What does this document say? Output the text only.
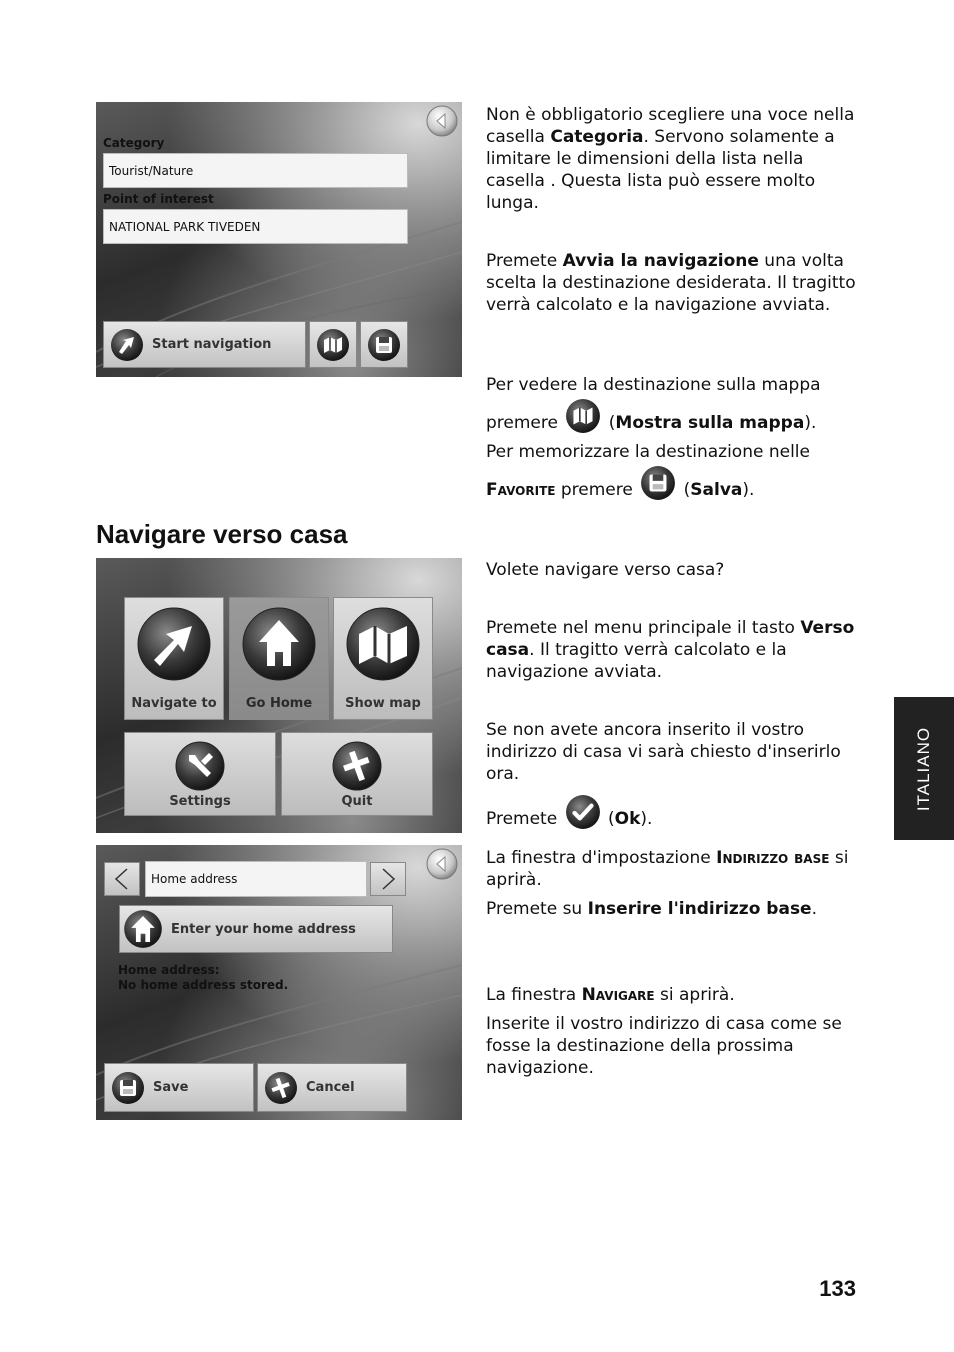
Category
Tourist/Nature
Point of interest
NATIONAL PARK TIVEDEN
Start navigation
Non è obbligatorio scegliere una voce nella casella Categoria. Servono solamente a limitare le dimensioni della lista nella casella . Questa lista può essere molto lunga.
Premete Avvia la navigazione una volta scelta la destinazione desiderata. Il tragitto verrà calcolato e la navigazione avviata.
Per vedere la destinazione sulla mappa
premere  (Mostra sulla mappa).
Per memorizzare la destinazione nelle
Favorite premere  (Salva).
Navigare verso casa
Navigate to	Go Home	Show map
Settings	Quit
Volete navigare verso casa?
Premete nel menu principale il tasto Verso casa. Il tragitto verrà calcolato e la navigazione avviata.
Se non avete ancora inserito il vostro indirizzo di casa vi sarà chiesto d'inserirlo ora.
Premete  (Ok).
Home address
Enter your home address
Home address:
No home address stored.
Save	Cancel
La finestra d'impostazione Indirizzo base si aprirà.
Premete su Inserire l'indirizzo base.
La finestra Navigare si aprirà.
Inserite il vostro indirizzo di casa come se fosse la destinazione della prossima navigazione.
ITALIANO
133
